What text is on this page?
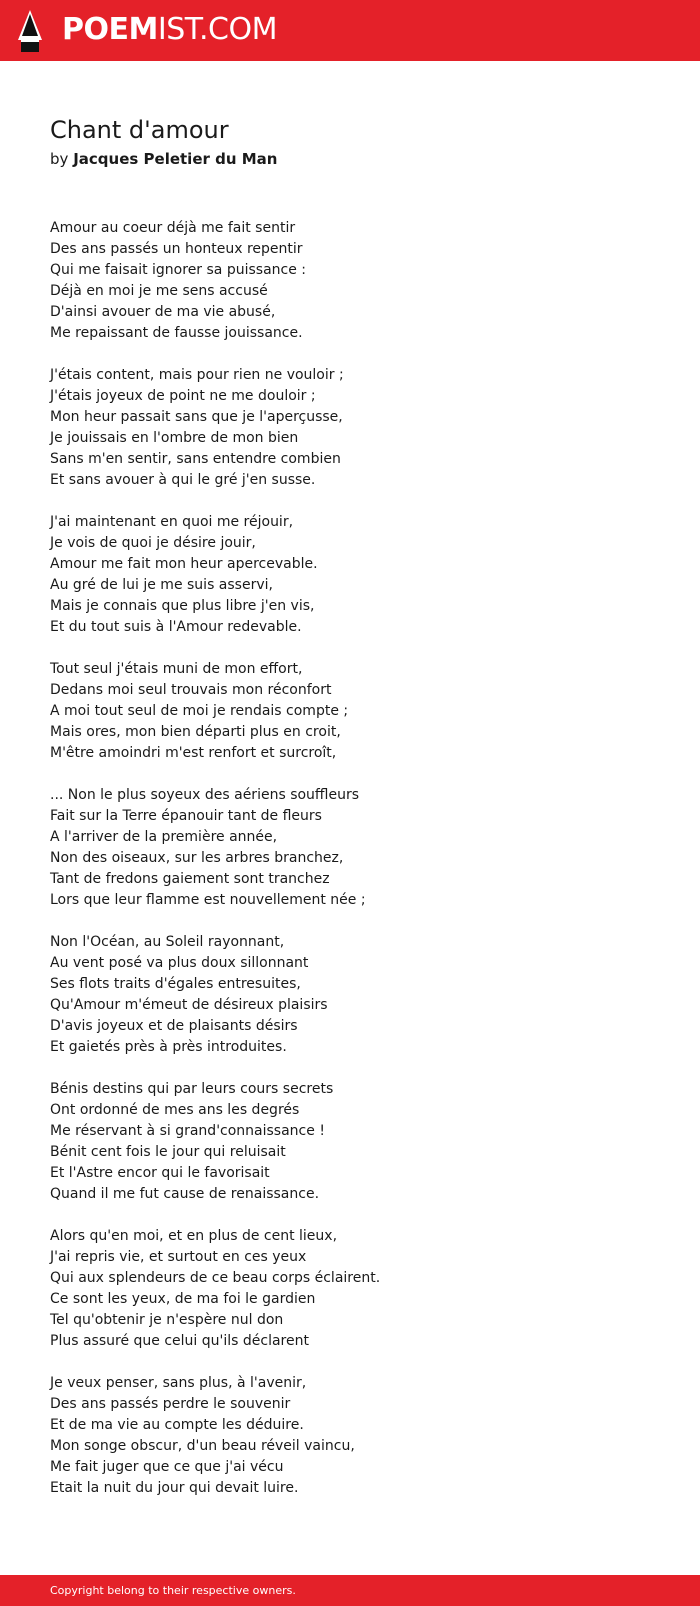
POEMIST.COM
Chant d'amour
by Jacques Peletier du Man
Amour au coeur déjà me fait sentir
Des ans passés un honteux repentir
Qui me faisait ignorer sa puissance :
Déjà en moi je me sens accusé
D'ainsi avouer de ma vie abusé,
Me repaissant de fausse jouissance.
J'étais content, mais pour rien ne vouloir ;
J'étais joyeux de point ne me douloir ;
Mon heur passait sans que je l'aperçusse,
Je jouissais en l'ombre de mon bien
Sans m'en sentir, sans entendre combien
Et sans avouer à qui le gré j'en susse.
J'ai maintenant en quoi me réjouir,
Je vois de quoi je désire jouir,
Amour me fait mon heur apercevable.
Au gré de lui je me suis asservi,
Mais je connais que plus libre j'en vis,
Et du tout suis à l'Amour redevable.
Tout seul j'étais muni de mon effort,
Dedans moi seul trouvais mon réconfort
A moi tout seul de moi je rendais compte ;
Mais ores, mon bien départi plus en croit,
M'être amoindri m'est renfort et surcroît,
... Non le plus soyeux des aériens souffleurs
Fait sur la Terre épanouir tant de fleurs
A l'arriver de la première année,
Non des oiseaux, sur les arbres branchez,
Tant de fredons gaiement sont tranchez
Lors que leur flamme est nouvellement née ;
Non l'Océan, au Soleil rayonnant,
Au vent posé va plus doux sillonnant
Ses flots traits d'égales entresuites,
Qu'Amour m'émeut de désireux plaisirs
D'avis joyeux et de plaisants désirs
Et gaietés près à près introduites.
Bénis destins qui par leurs cours secrets
Ont ordonné de mes ans les degrés
Me réservant à si grand'connaissance !
Bénit cent fois le jour qui reluisait
Et l'Astre encor qui le favorisait
Quand il me fut cause de renaissance.
Alors qu'en moi, et en plus de cent lieux,
J'ai repris vie, et surtout en ces yeux
Qui aux splendeurs de ce beau corps éclairent.
Ce sont les yeux, de ma foi le gardien
Tel qu'obtenir je n'espère nul don
Plus assuré que celui qu'ils déclarent
Je veux penser, sans plus, à l'avenir,
Des ans passés perdre le souvenir
Et de ma vie au compte les déduire.
Mon songe obscur, d'un beau réveil vaincu,
Me fait juger que ce que j'ai vécu
Etait la nuit du jour qui devait luire.
Copyright belong to their respective owners.
